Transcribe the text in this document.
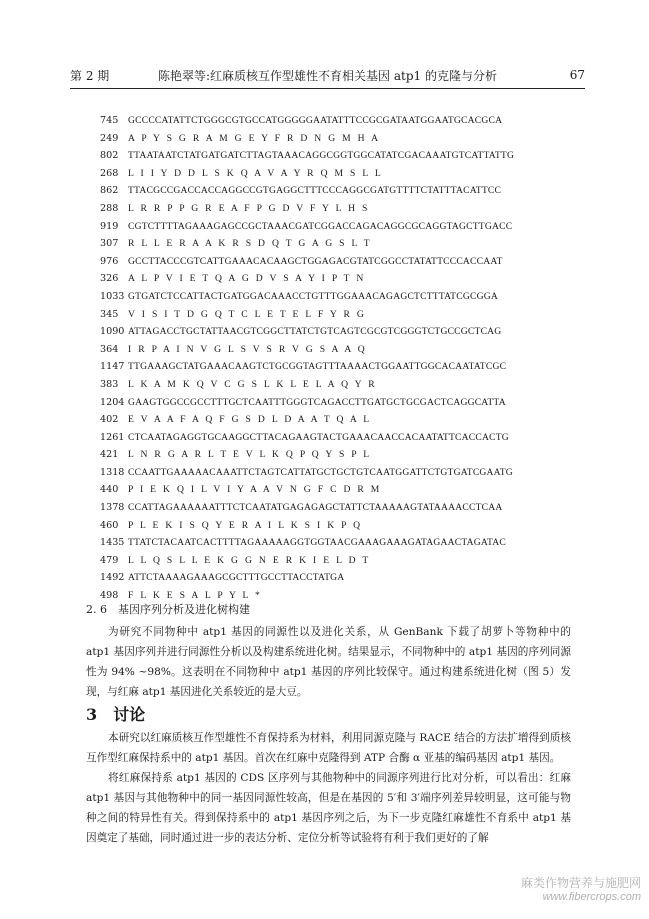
第 2 期	陈艳翠等:红麻质核互作型雄性不育相关基因 atp1 的克隆与分析	67
745 GCCCCATATTCTGGGCGTGCCATGGGGGAATATTTCCGCGATAATGGAATGCACGCA
249 A P Y S G R A M G E Y F R D N G M H A
802 TTAATAATCTATGATGATCTTAGTAAACAGGCGGTGGCATATCGACAAATGTCATTATTG
268 L I I Y D D L S K Q A V A Y R Q M S L L
862 TTACGCCGACCACCAGGCCGTGAGGCTTTCCCAGGCGATGTTTTCTATTTACATTCC
288 L R R P P G R E A F P G D V F Y L H S
919 CGTCTTTTAGAAAGAGCCGCTAAACGATCGGACCAGACAGGCGCAGGTAGCTTGACC
307 R L L E R A A K R S D Q T G A G S L T
976 GCCTTACCCGTCATTGAAACACAAGCTGGAGACGTATCGGCCTATATTCCCACCAAT
326 A L P V I E T Q A G D V S A Y I P T N
1033 GTGATCTCCATTACTGATGGACAAACCTGTTTGGAAACAGAGCTCTTTATCGCGGA
345 V I S I T D G Q T C L E T E L F Y R G
1090 ATTAGACCTGCTATTAACGTCGGCTTATCTGTCAGTCGCGTCGGGTCTGCCGCTCAG
364 I R P A I N V G L S V S R V G S A A Q
1147 TTGAAAGCTATGAAACAAGTCTGCGGTAGTTTAAAACTGGAATTGGCACAATATCGC
383 L K A M K Q V C G S L K L E L A Q Y R
1204 GAAGTGGCCGCCTTTGCTCAATTTGGGTCAGACCTTGATGCTGCGACTCAGGCATTA
402 E V A A F A Q F G S D L D A A T Q A L
1261 CTCAATAGAGGTGCAAGGCTTACAGAAGTACTGAAACAACCACAATATTCACCACTG
421 L N R G A R L T E V L K Q P Q Y S P L
1318 CCAATTGAAAAACAAATTCTAGTCATTATGCTGCTGTCAATGGATTCTGTGATCGAATG
440 P I E K Q I L V I Y A A V N G F C D R M
1378 CCATTAGAAAAAATTTCTCAATATGAGAGAGCTATTCTAAAAAGTATAAAACCTCAA
460 P L E K I S Q Y E R A I L K S I K P Q
1435 TTATCTACAATCACTTTTAGAAAAAGGTGGTAACGAAAGAAAGATAGAACTAGATAC
479 L L Q S L L E K G G N E R K I E L D T
1492 ATTCTAAAAGAAAGCGCTTTGCCTTACCTATGA
498 F L K E S A L P Y L *
2. 6　基因序列分析及进化树构建

为研究不同物种中 atp1 基因的同源性以及进化关系，从 GenBank 下载了胡萝卜等物种中的 atp1 基因序列并进行同源性分析以及构建系统进化树。结果显示，不同物种中的 atp1 基因的序列同源性为 94% ~98%。这表明在不同物种中 atp1 基因的序列比较保守。通过构建系统进化树（图 5）发现，与红麻 atp1 基因进化关系较近的是大豆。

3　讨论

本研究以红麻质核互作型雄性不育保持系为材料，利用同源克隆与 RACE 结合的方法扩增得到质核互作型红麻保持系中的 atp1 基因。首次在红麻中克隆得到 ATP 合酶 α 亚基的编码基因 atp1 基因。

将红麻保持系 atp1 基因的 CDS 区序列与其他物种中的同源序列进行比对分析，可以看出：红麻 atp1 基因与其他物种中的同一基因同源性较高，但是在基因的 5′和 3′端序列差异较明显，这可能与物种之间的特异性有关。得到保持系中的 atp1 基因序列之后，为下一步克隆红麻雄性不育系中 atp1 基因奠定了基础，同时通过进一步的表达分析、定位分析等试验将有利于我们更好的了解

麻类作物营养与施肥网
www.fibercrops.com
